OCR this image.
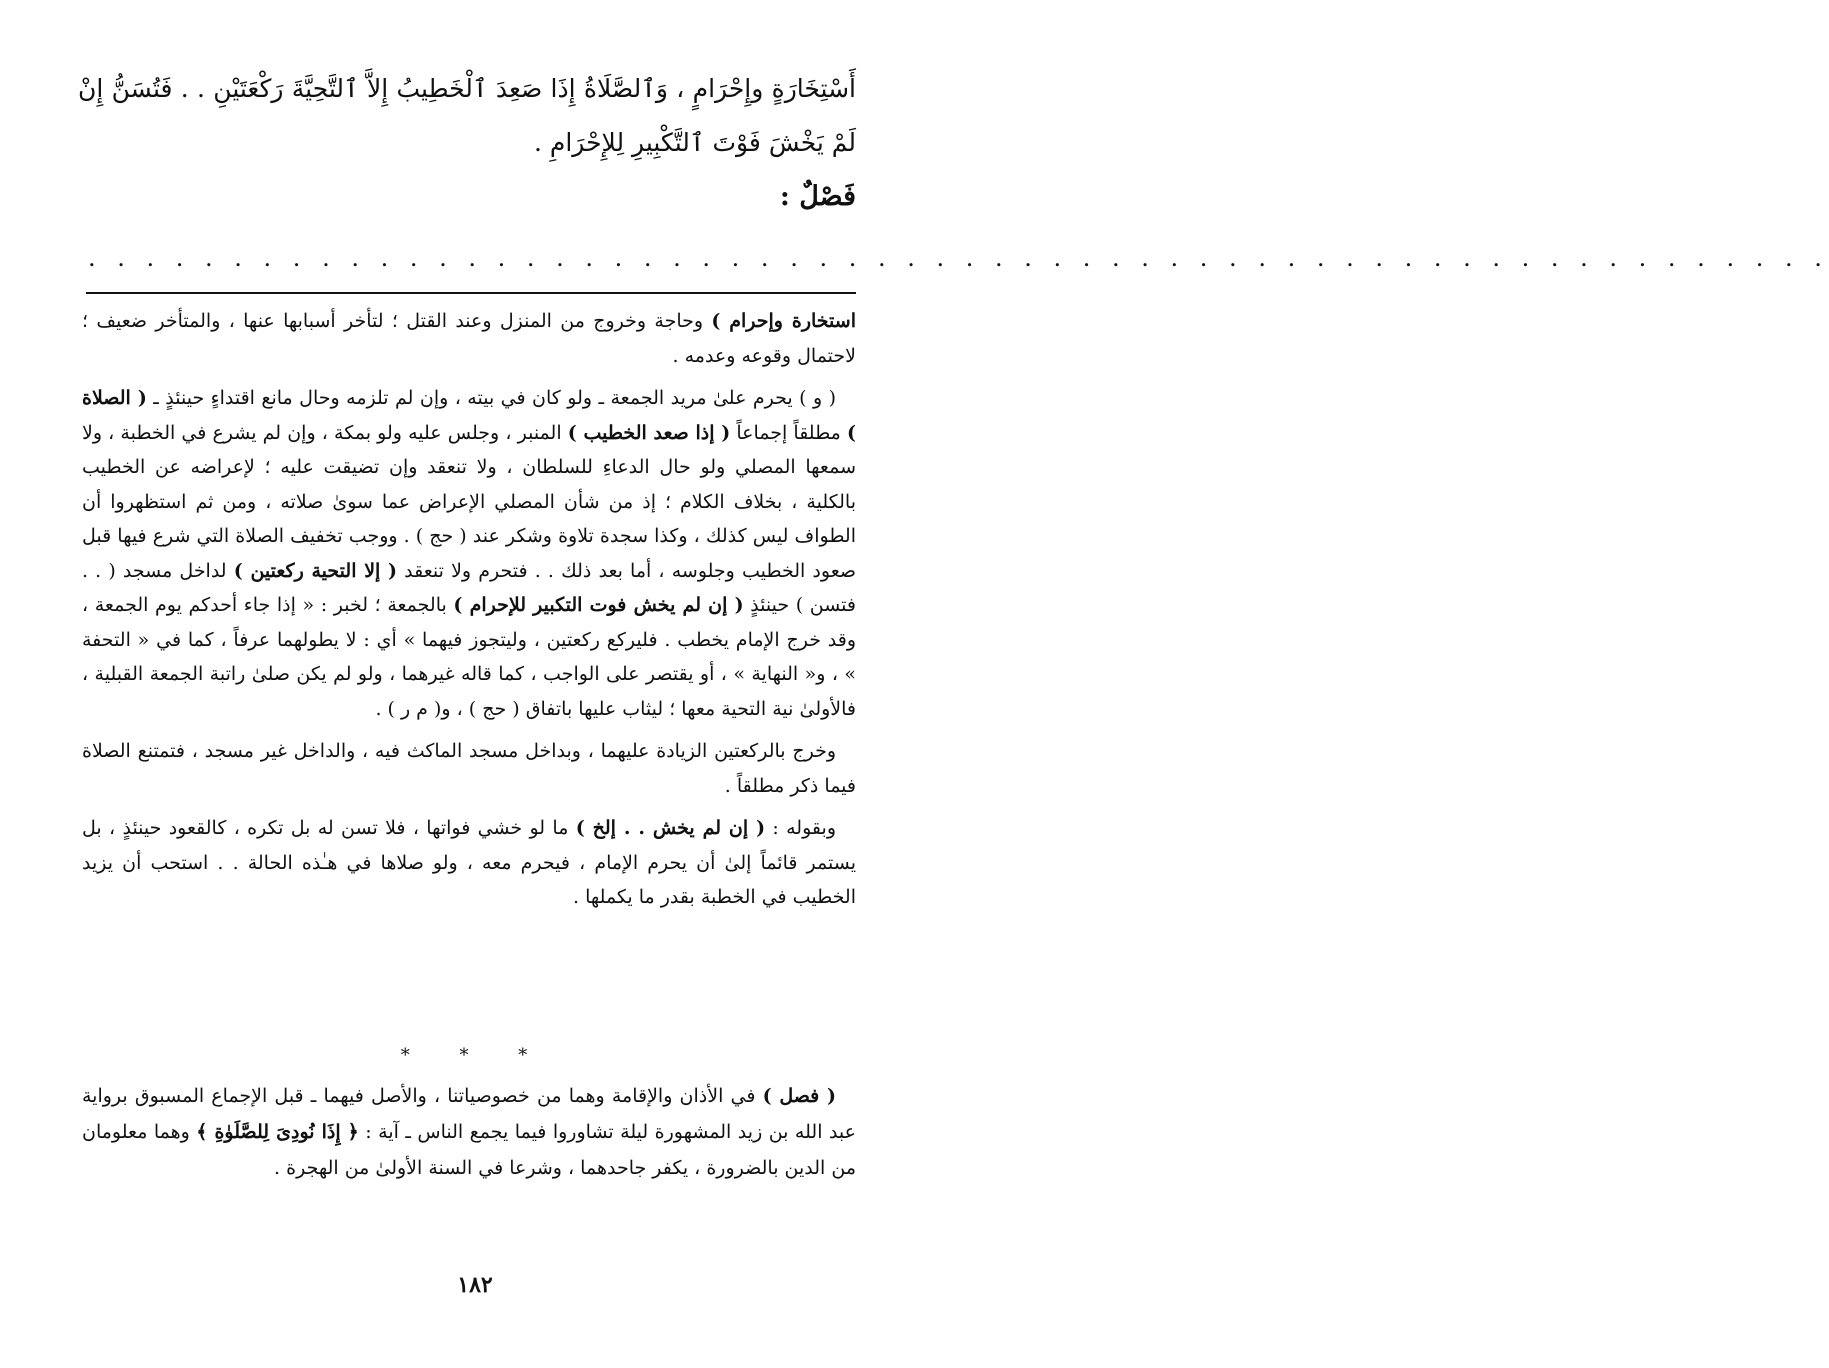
أَسْتِخَارَةٍ وإِحْرَامٍ ، وَٱلصَّلَاةُ إِذَا صَعِدَ ٱلْخَطِيبُ إِلاَّ ٱلتَّحِيَّةَ رَكْعَتَيْنِ . . فَتُسَنُّ إِنْ لَمْ يَخْشَ فَوْتَ ٱلتَّكْبِيرِ لِلإِحْرَامِ .

فَصْلٌ :

. . . . . . . . . . . . . . . . . . . . . . . . . . . . . . . . . . . . . . . . . . . . . . . . . . . . . . . . . . . .

استخارة وإحرام ) وحاجة وخروج من المنزل وعند القتل ؛ لتأخر أسبابها عنها ، والمتأخر ضعيف ؛ لاحتمال وقوعه وعدمه .

( و ) يحرم علىٰ مريد الجمعة ـ ولو كان في بيته ، وإن لم تلزمه وحال مانع اقتداءٍ حينئذٍ ـ ( الصلاة ) مطلقاً إجماعاً ( إذا صعد الخطيب ) المنبر ، وجلس عليه ولو بمكة ، وإن لم يشرع في الخطبة ، ولا سمعها المصلي ولو حال الدعاءِ للسلطان ، ولا تنعقد وإن تضيقت عليه ؛ لإعراضه عن الخطيب بالكلية ، بخلاف الكلام ؛ إذ من شأن المصلي الإعراض عما سوىٰ صلاته ، ومن ثم استظهروا أن الطواف ليس كذلك ، وكذا سجدة تلاوة وشكر عند ( حج ) . ووجب تخفيف الصلاة التي شرع فيها قبل صعود الخطيب وجلوسه ، أما بعد ذلك . . فتحرم ولا تنعقد ( إلا التحية ركعتين ) لداخل مسجد ( . . فتسن ) حينئذٍ ( إن لم يخش فوت التكبير للإحرام ) بالجمعة ؛ لخبر : « إذا جاء أحدكم يوم الجمعة ، وقد خرج الإمام يخطب . فليركع ركعتين ، وليتجوز فيهما » أي : لا يطولهما عرفاً ، كما في « التحفة » ، و« النهاية » ، أو يقتصر على الواجب ، كما قاله غيرهما ، ولو لم يكن صلىٰ راتبة الجمعة القبلية ، فالأولىٰ نية التحية معها ؛ ليثاب عليها باتفاق ( حج ) ، و( م ر ) .

وخرج بالركعتين الزيادة عليهما ، وبداخل مسجد الماكث فيه ، والداخل غير مسجد ، فتمتنع الصلاة فيما ذكر مطلقاً .

وبقوله : ( إن لم يخش . . إلخ ) ما لو خشي فواتها ، فلا تسن له بل تكره ، كالقعود حينئذٍ ، بل يستمر قائماً إلىٰ أن يحرم الإمام ، فيحرم معه ، ولو صلاها في هـٰذه الحالة . . استحب أن يزيد الخطيب في الخطبة بقدر ما يكملها .

* * *

( فصل ) في الأذان والإقامة وهما من خصوصياتنا ، والأصل فيهما ـ قبل الإجماع المسبوق برواية عبد الله بن زيد المشهورة ليلة تشاوروا فيما يجمع الناس ـ آية : ﴿ إِذَا نُودِىَ لِلصَّلَوٰةِ ﴾ وهما معلومان من الدين بالضرورة ، يكفر جاحدهما ، وشرعا في السنة الأولىٰ من الهجرة .

١٨٢
